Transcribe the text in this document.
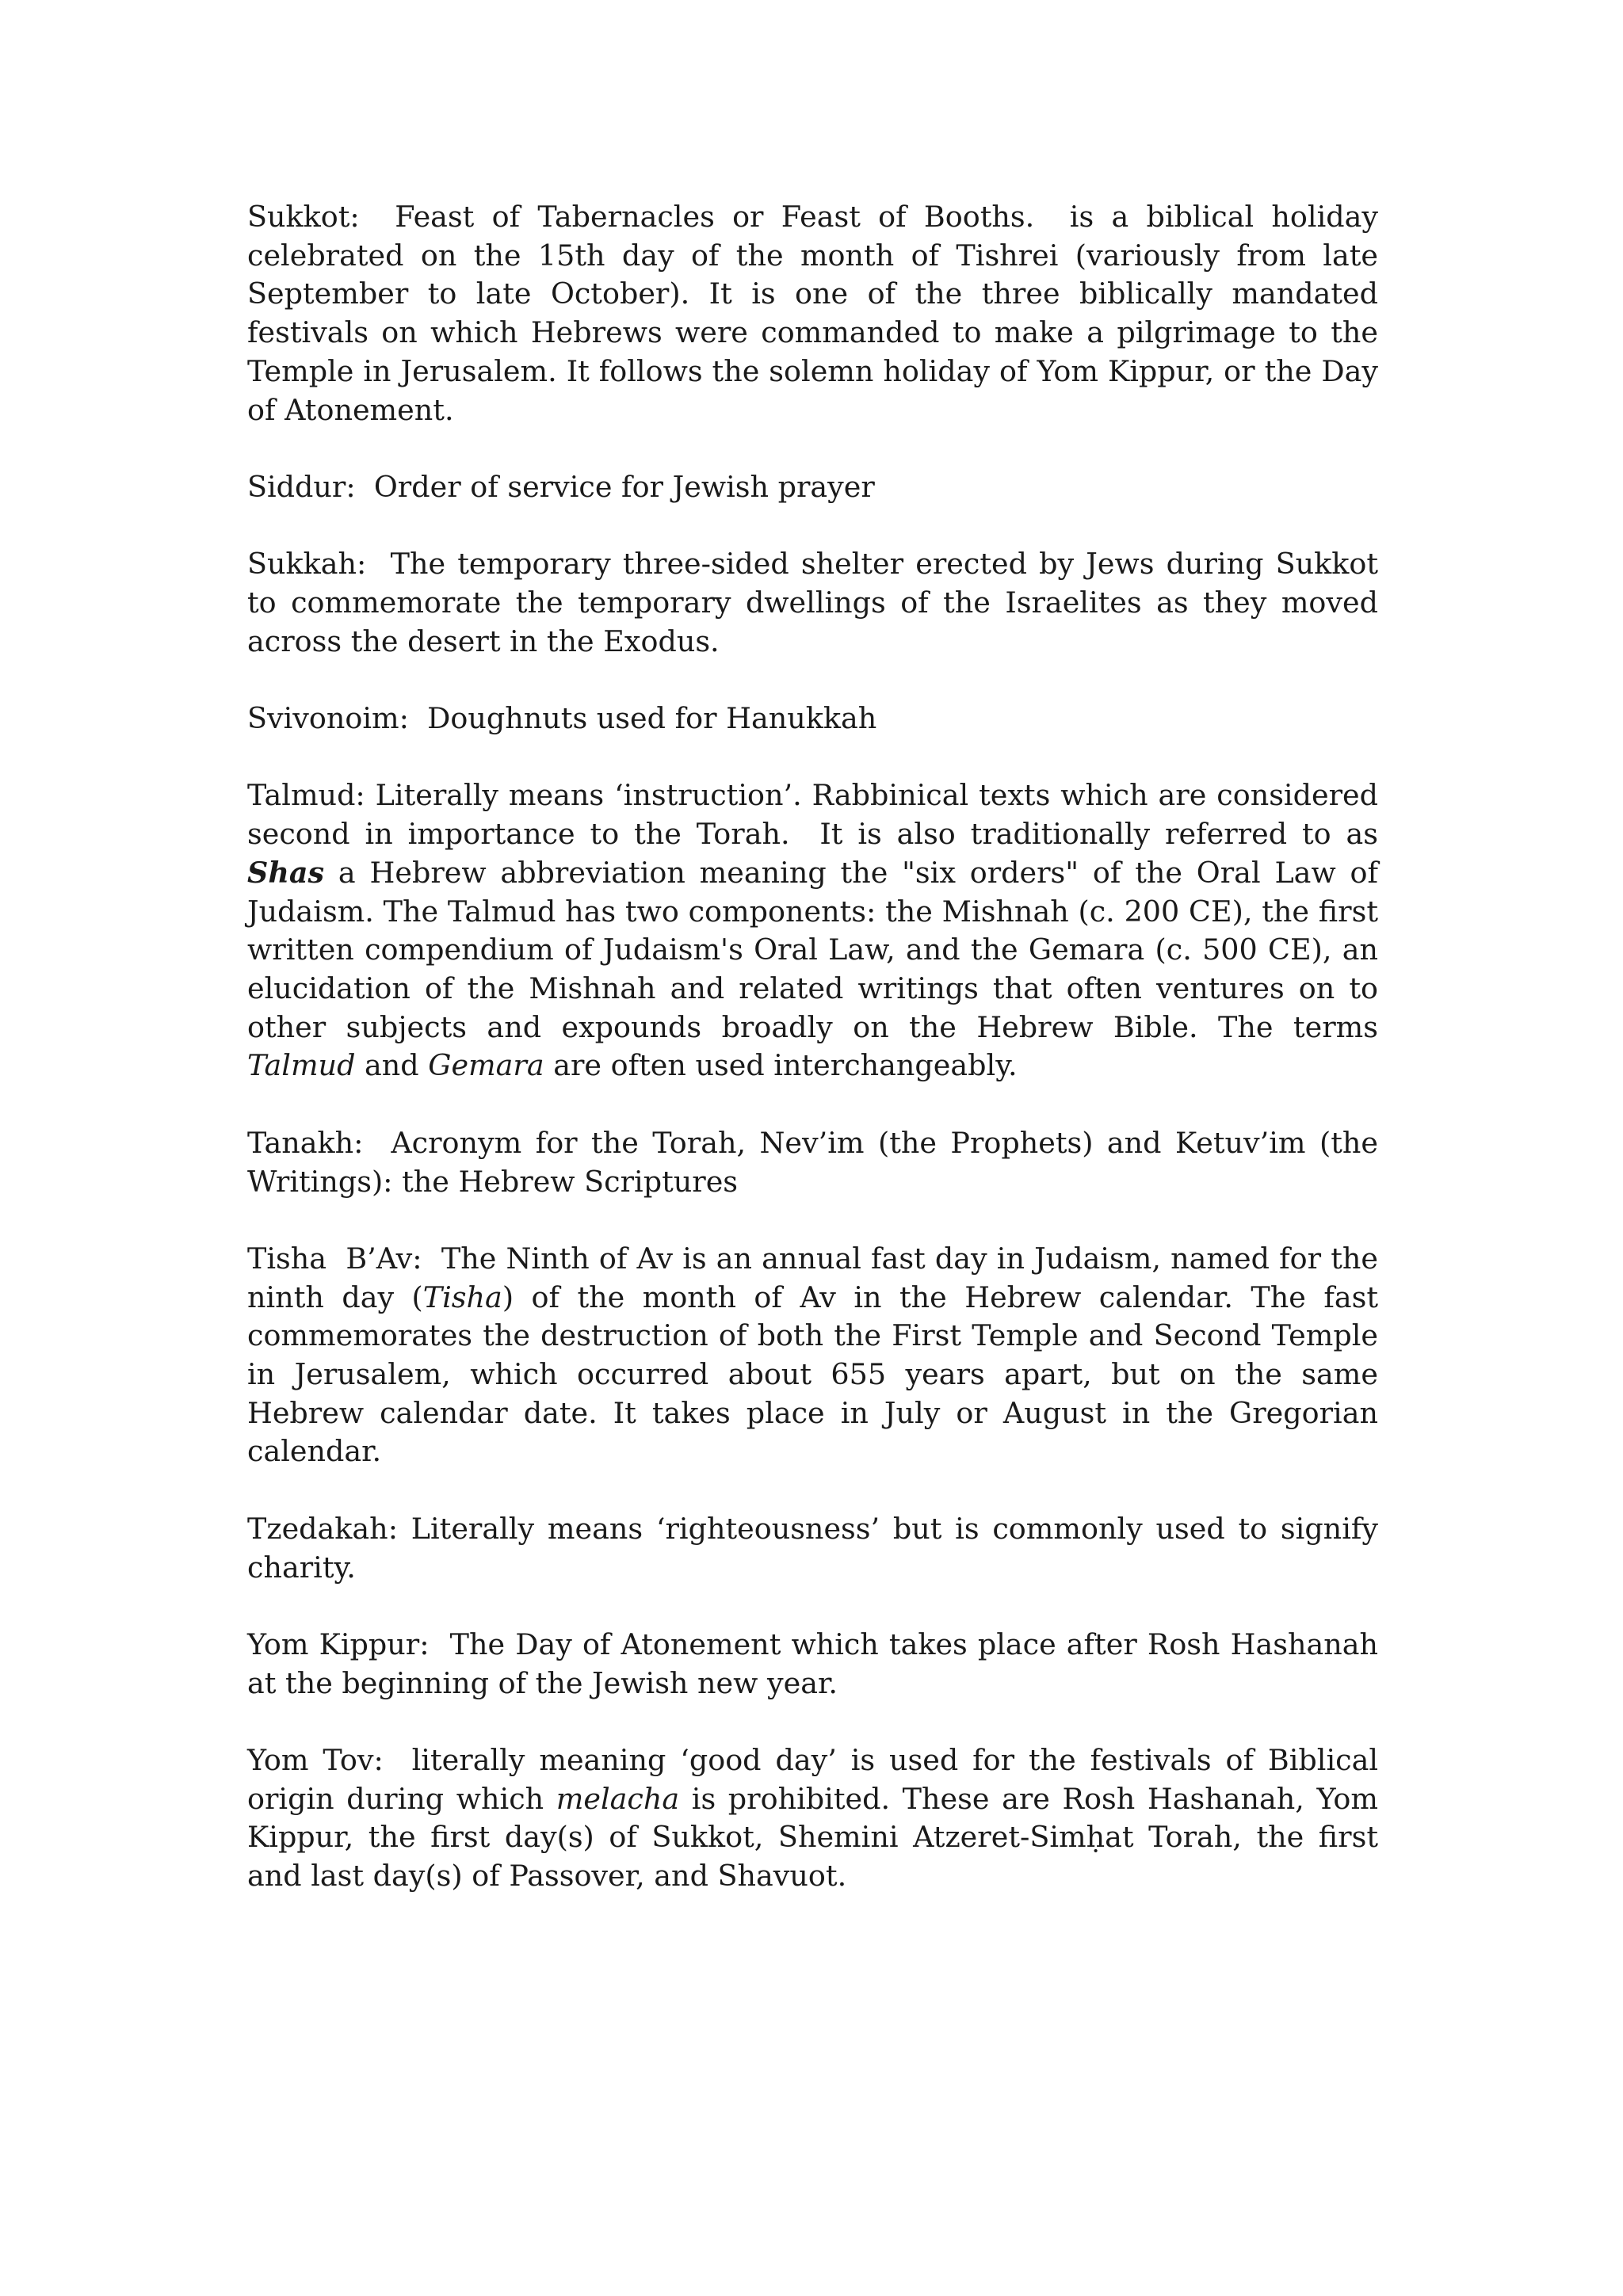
Sukkot:  Feast of Tabernacles or Feast of Booths.  is a biblical holiday celebrated on the 15th day of the month of Tishrei (variously from late September to late October). It is one of the three biblically mandated festivals on which Hebrews were commanded to make a pilgrimage to the Temple in Jerusalem. It follows the solemn holiday of Yom Kippur, or the Day of Atonement.

Siddur:  Order of service for Jewish prayer

Sukkah:  The temporary three-sided shelter erected by Jews during Sukkot to commemorate the temporary dwellings of the Israelites as they moved across the desert in the Exodus.

Svivonoim:  Doughnuts used for Hanukkah

Talmud: Literally means ‘instruction’. Rabbinical texts which are considered second in importance to the Torah.  It is also traditionally referred to as Shas a Hebrew abbreviation meaning the "six orders" of the Oral Law of Judaism. The Talmud has two components: the Mishnah (c. 200 CE), the first written compendium of Judaism's Oral Law, and the Gemara (c. 500 CE), an elucidation of the Mishnah and related writings that often ventures on to other subjects and expounds broadly on the Hebrew Bible. The terms Talmud and Gemara are often used interchangeably.

Tanakh:  Acronym for the Torah, Nev’im (the Prophets) and Ketuv’im (the Writings): the Hebrew Scriptures

Tisha  B’Av:  The Ninth of Av is an annual fast day in Judaism, named for the ninth day (Tisha) of the month of Av in the Hebrew calendar. The fast commemorates the destruction of both the First Temple and Second Temple in Jerusalem, which occurred about 655 years apart, but on the same Hebrew calendar date. It takes place in July or August in the Gregorian calendar.

Tzedakah: Literally means ‘righteousness’ but is commonly used to signify charity.

Yom Kippur:  The Day of Atonement which takes place after Rosh Hashanah at the beginning of the Jewish new year.

Yom Tov:  literally meaning ‘good day’ is used for the festivals of Biblical origin during which melacha is prohibited. These are Rosh Hashanah, Yom Kippur, the first day(s) of Sukkot, Shemini Atzeret-Simḥat Torah, the first and last day(s) of Passover, and Shavuot.
